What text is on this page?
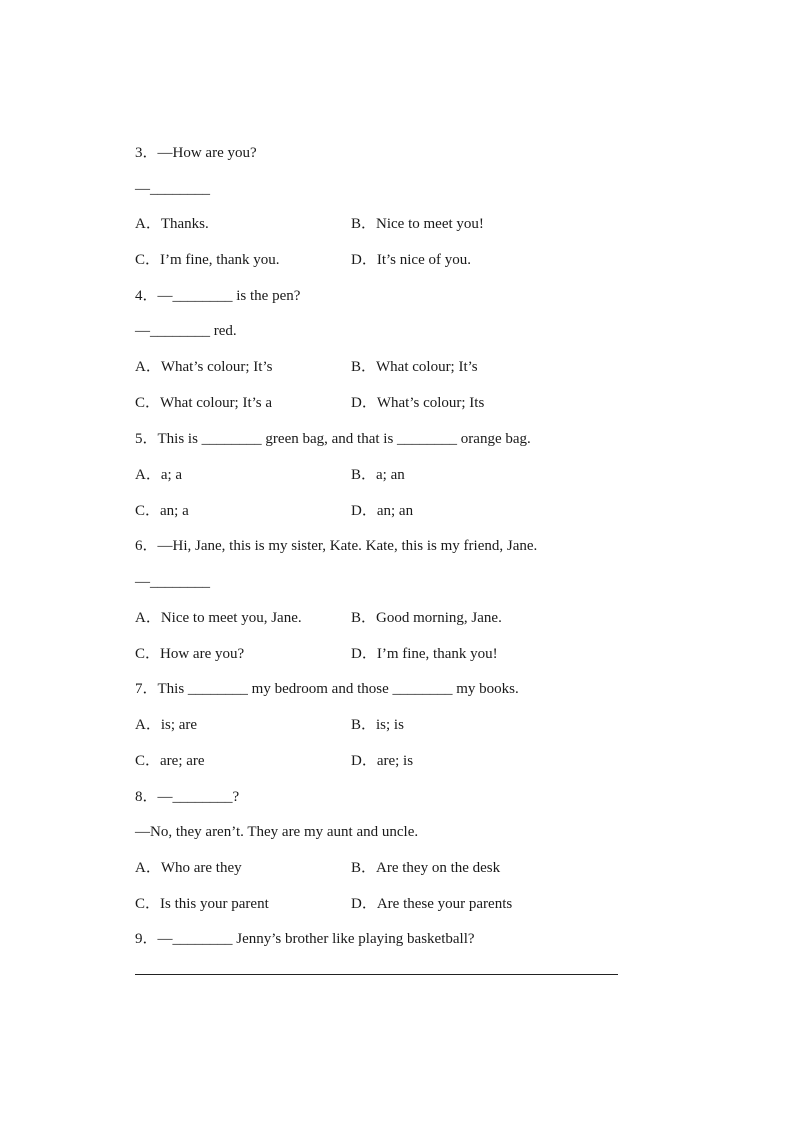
3．—How are you?
—________
A．Thanks.	B．Nice to meet you!
C．I’m fine, thank you.	D．It’s nice of you.
4．—________ is the pen?
—________ red.
A．What’s colour; It’s	B．What colour; It’s
C．What colour; It’s a	D．What’s colour; Its
5．This is ________ green bag, and that is ________ orange bag.
A．a; a	B．a; an
C．an; a	D．an; an
6．—Hi, Jane, this is my sister, Kate. Kate, this is my friend, Jane.
—________
A．Nice to meet you, Jane.	B．Good morning, Jane.
C．How are you?	D．I’m fine, thank you!
7．This ________ my bedroom and those ________ my books.
A．is; are	B．is; is
C．are; are	D．are; is
8．—________?
—No, they aren’t. They are my aunt and uncle.
A．Who are they	B．Are they on the desk
C．Is this your parent	D．Are these your parents
9．—________ Jenny’s brother like playing basketball?
